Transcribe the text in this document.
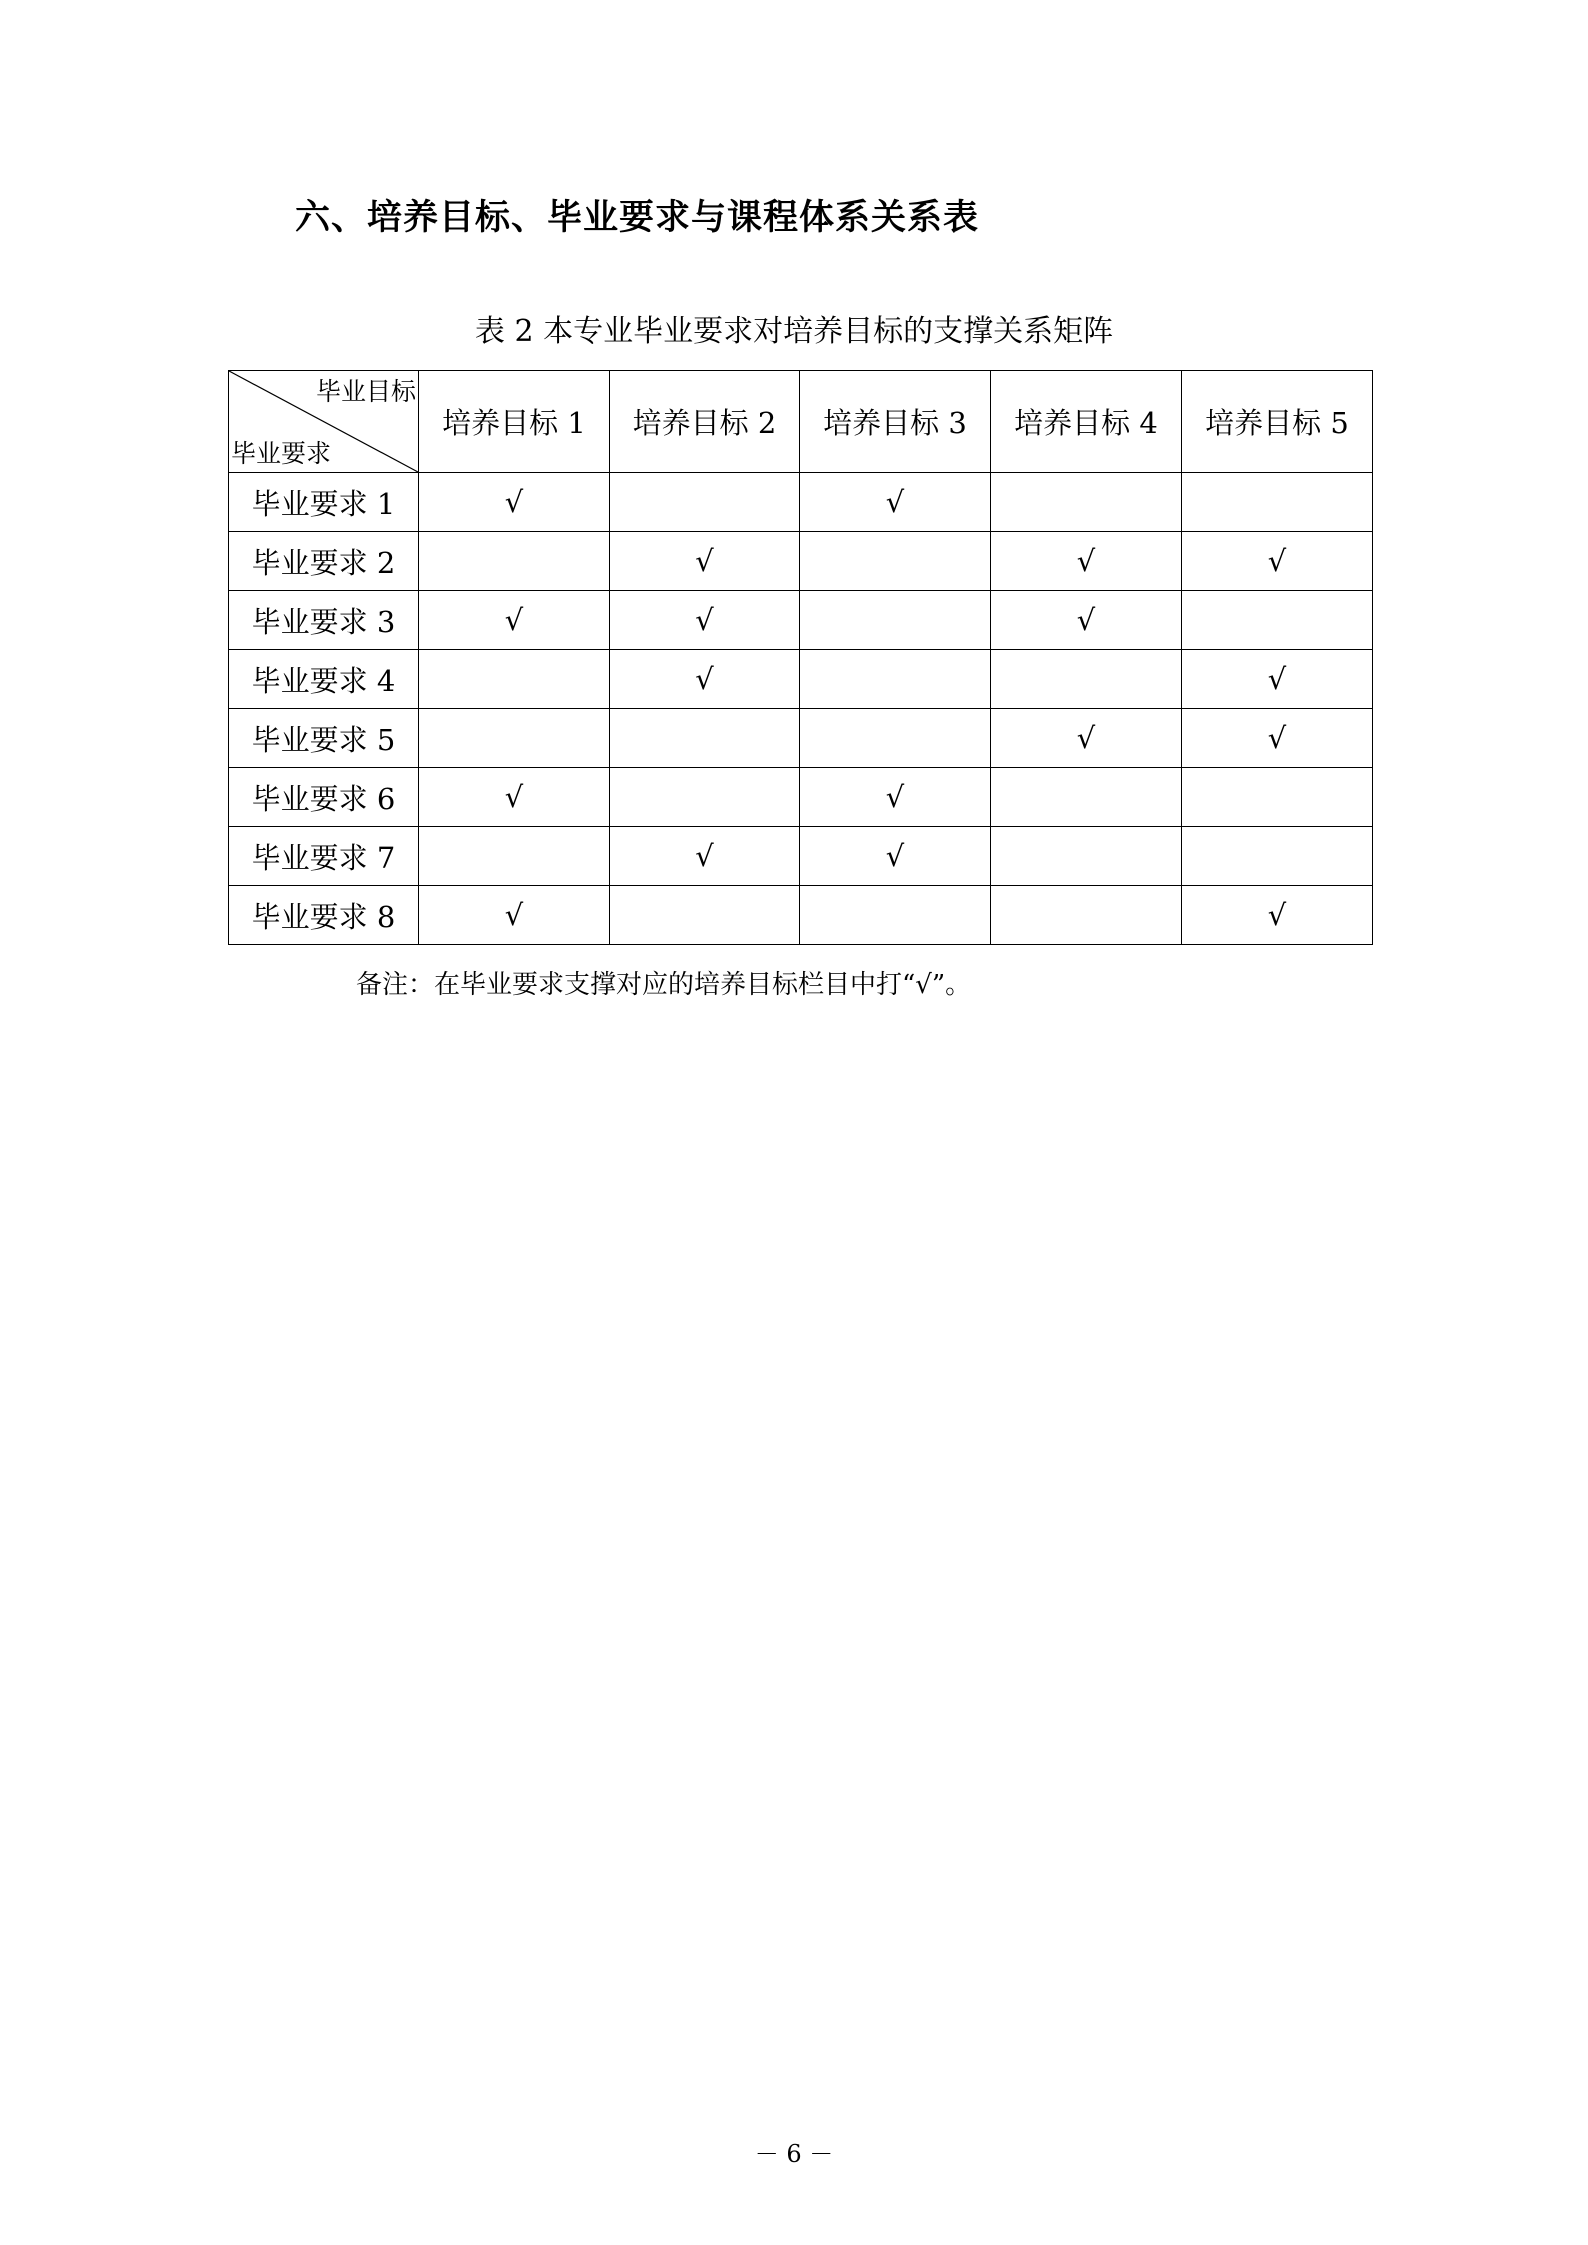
六、培养目标、毕业要求与课程体系关系表
表 2 本专业毕业要求对培养目标的支撑关系矩阵
毕业目标
毕业要求	培养目标 1	培养目标 2	培养目标 3	培养目标 4	培养目标 5
毕业要求 1	√		√		
毕业要求 2		√		√	√
毕业要求 3	√	√		√	
毕业要求 4		√			√
毕业要求 5				√	√
毕业要求 6	√		√		
毕业要求 7		√	√		
毕业要求 8	√				√
备注：在毕业要求支撑对应的培养目标栏目中打“√”。
－ 6 －
